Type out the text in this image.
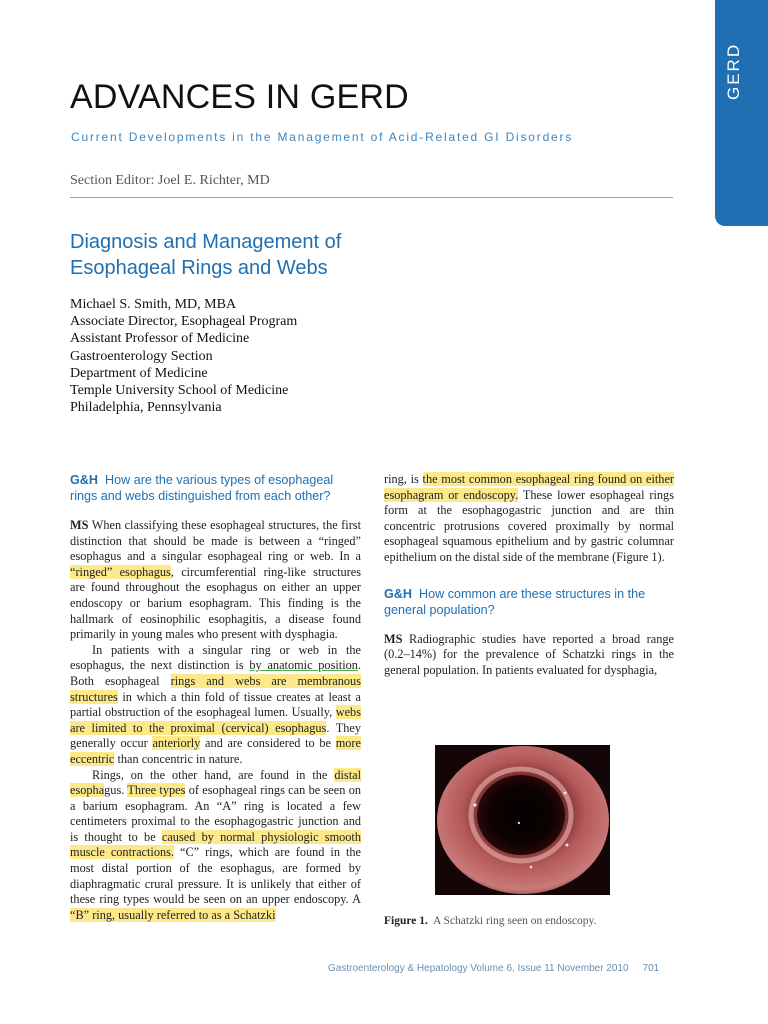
GERD
ADVANCES IN GERD
Current Developments in the Management of Acid-Related GI Disorders
Section Editor: Joel E. Richter, MD
Diagnosis and Management of
Esophageal Rings and Webs
Michael S. Smith, MD, MBA
Associate Director, Esophageal Program
Assistant Professor of Medicine
Gastroenterology Section
Department of Medicine
Temple University School of Medicine
Philadelphia, Pennsylvania

G&H How are the various types of esophageal rings and webs distinguished from each other?

MS When classifying these esophageal structures, the first distinction that should be made is between a “ringed” esophagus and a singular esophageal ring or web. In a “ringed” esophagus, circumferential ring-like structures are found throughout the esophagus on either an upper endoscopy or barium esophagram. This finding is the hallmark of eosinophilic esophagitis, a disease found primarily in young males who present with dysphagia.

In patients with a singular ring or web in the esophagus, the next distinction is by anatomic position. Both esophageal rings and webs are membranous structures in which a thin fold of tissue creates at least a partial obstruction of the esophageal lumen. Usually, webs are limited to the proximal (cervical) esophagus. They generally occur anteriorly and are considered to be more eccentric than concentric in nature.

Rings, on the other hand, are found in the distal esophagus. Three types of esophageal rings can be seen on a barium esophagram. An “A” ring is located a few centimeters proximal to the esophagogastric junction and is thought to be caused by normal physiologic smooth muscle contractions. “C” rings, which are found in the most distal portion of the esophagus, are formed by diaphragmatic crural pressure. It is unlikely that either of these ring types would be seen on an upper endoscopy. A “B” ring, usually referred to as a Schatzki

ring, is the most common esophageal ring found on either esophagram or endoscopy. These lower esophageal rings form at the esophagogastric junction and are thin concentric protrusions covered proximally by normal esophageal squamous epithelium and by gastric columnar epithelium on the distal side of the membrane (Figure 1).

G&H How common are these structures in the general population?

MS Radiographic studies have reported a broad range (0.2–14%) for the prevalence of Schatzki rings in the general population. In patients evaluated for dysphagia,

Figure 1. A Schatzki ring seen on endoscopy.
Gastroenterology & Hepatology Volume 6, Issue 11 November 2010 701
